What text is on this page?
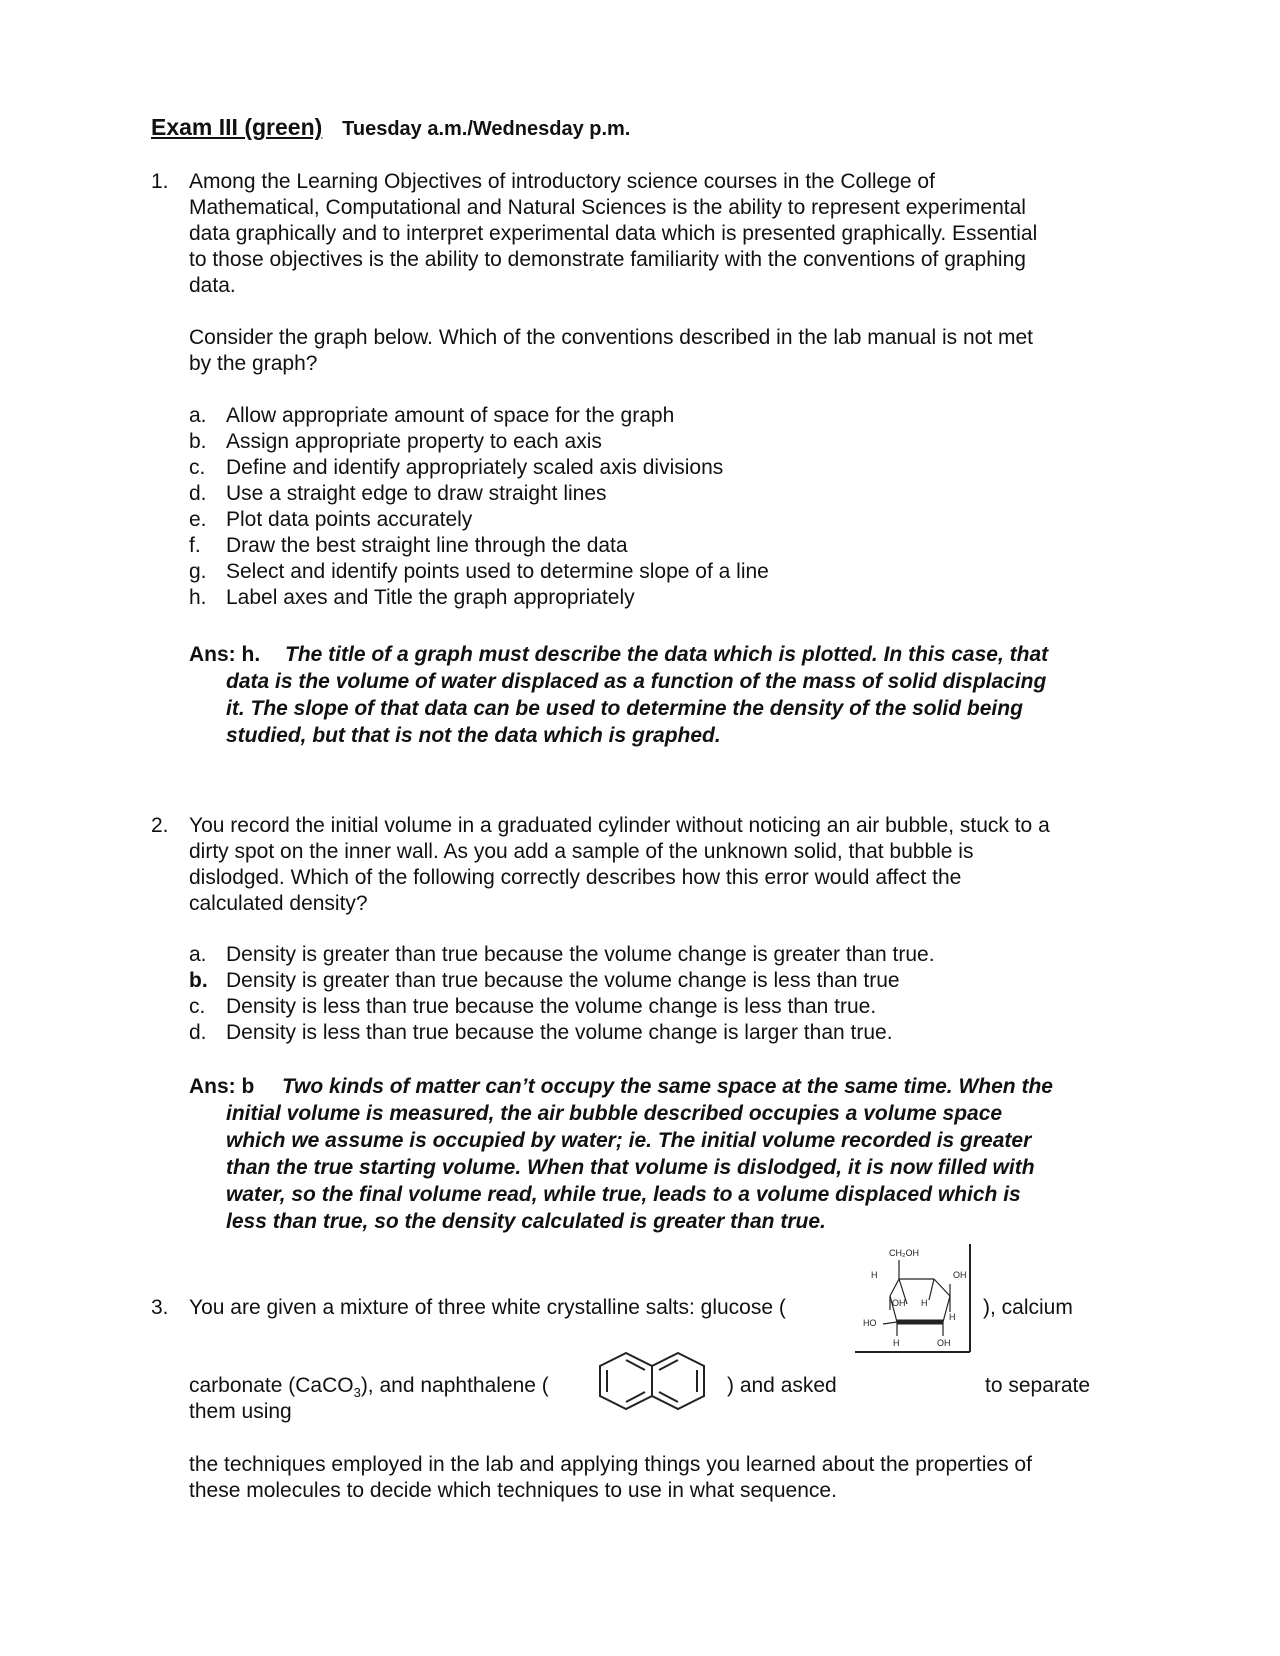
Exam III (green) Tuesday a.m./Wednesday p.m.
1. Among the Learning Objectives of introductory science courses in the College of
Mathematical, Computational and Natural Sciences is the ability to represent experimental
data graphically and to interpret experimental data which is presented graphically. Essential
to those objectives is the ability to demonstrate familiarity with the conventions of graphing
data.
Consider the graph below. Which of the conventions described in the lab manual is not met
by the graph?
a. Allow appropriate amount of space for the graph
b. Assign appropriate property to each axis
c. Define and identify appropriately scaled axis divisions
d. Use a straight edge to draw straight lines
e. Plot data points accurately
f. Draw the best straight line through the data
g. Select and identify points used to determine slope of a line
h. Label axes and Title the graph appropriately
Ans: h. The title of a graph must describe the data which is plotted. In this case, that
data is the volume of water displaced as a function of the mass of solid displacing
it. The slope of that data can be used to determine the density of the solid being
studied, but that is not the data which is graphed.
2. You record the initial volume in a graduated cylinder without noticing an air bubble, stuck to a
dirty spot on the inner wall. As you add a sample of the unknown solid, that bubble is
dislodged. Which of the following correctly describes how this error would affect the
calculated density?
a. Density is greater than true because the volume change is greater than true.
b. Density is greater than true because the volume change is less than true
c. Density is less than true because the volume change is less than true.
d. Density is less than true because the volume change is larger than true.
Ans: b Two kinds of matter can’t occupy the same space at the same time. When the
initial volume is measured, the air bubble described occupies a volume space
which we assume is occupied by water; ie. The initial volume recorded is greater
than the true starting volume. When that volume is dislodged, it is now filled with
water, so the final volume read, while true, leads to a volume displaced which is
less than true, so the density calculated is greater than true.
3. You are given a mixture of three white crystalline salts: glucose (	), calcium
CH₂OH
H	OH
OH H
H
HO
H	OH
carbonate (CaCO$_3$), and naphthalene (	) and asked	to separate
them using
the techniques employed in the lab and applying things you learned about the properties of
these molecules to decide which techniques to use in what sequence.
